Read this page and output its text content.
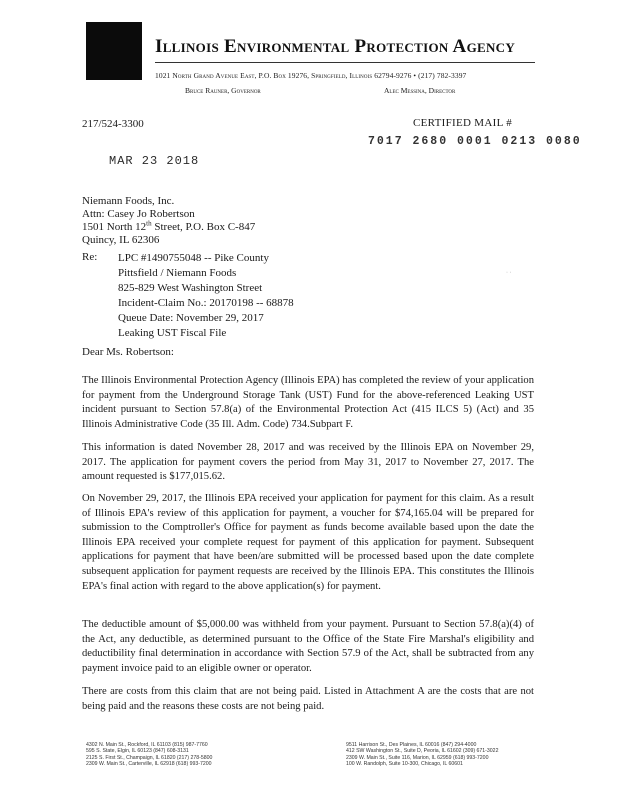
Illinois Environmental Protection Agency
1021 North Grand Avenue East, P.O. Box 19276, Springfield, Illinois 62794-9276 • (217) 782-3397
Bruce Rauner, Governor	Alec Messina, Director
217/524-3300	CERTIFIED MAIL #
7017 2680 0001 0213 0080
MAR 23 2018
Niemann Foods, Inc.
Attn: Casey Jo Robertson
1501 North 12th Street, P.O. Box C-847
Quincy, IL 62306
Re: LPC #1490755048 -- Pike County
Pittsfield / Niemann Foods
825-829 West Washington Street
Incident-Claim No.: 20170198 -- 68878
Queue Date: November 29, 2017
Leaking UST Fiscal File
· ·
Dear Ms. Robertson:
The Illinois Environmental Protection Agency (Illinois EPA) has completed the review of your application for payment from the Underground Storage Tank (UST) Fund for the above-referenced Leaking UST incident pursuant to Section 57.8(a) of the Environmental Protection Act (415 ILCS 5) (Act) and 35 Illinois Administrative Code (35 Ill. Adm. Code) 734.Subpart F.
This information is dated November 28, 2017 and was received by the Illinois EPA on November 29, 2017. The application for payment covers the period from May 31, 2017 to November 27, 2017. The amount requested is $177,015.62.
On November 29, 2017, the Illinois EPA received your application for payment for this claim. As a result of Illinois EPA's review of this application for payment, a voucher for $74,165.04 will be prepared for submission to the Comptroller's Office for payment as funds become available based upon the date the Illinois EPA received your complete request for payment of this application for payment. Subsequent applications for payment that have been/are submitted will be processed based upon the date complete subsequent application for payment requests are received by the Illinois EPA. This constitutes the Illinois EPA's final action with regard to the above application(s) for payment.
The deductible amount of $5,000.00 was withheld from your payment. Pursuant to Section 57.8(a)(4) of the Act, any deductible, as determined pursuant to the Office of the State Fire Marshal's eligibility and deductibility final determination in accordance with Section 57.9 of the Act, shall be subtracted from any payment invoice paid to an eligible owner or operator.
There are costs from this claim that are not being paid. Listed in Attachment A are the costs that are not being paid and the reasons these costs are not being paid.
4302 N. Main St., Rockford, IL 61103 (815) 987-7760
595 S. State, Elgin, IL 60123 (847) 608-3131
2125 S. First St., Champaign, IL 61820 (217) 278-5800
2309 W. Main St., Carterville, IL 62918 (618) 993-7200
9511 Harrison St., Des Plaines, IL 60016 (847) 294-4000
412 SW Washington St., Suite D, Peoria, IL 61602 (309) 671-3022
2309 W. Main St., Suite 116, Marion, IL 62959 (618) 993-7200
100 W. Randolph, Suite 10-300, Chicago, IL 60601
